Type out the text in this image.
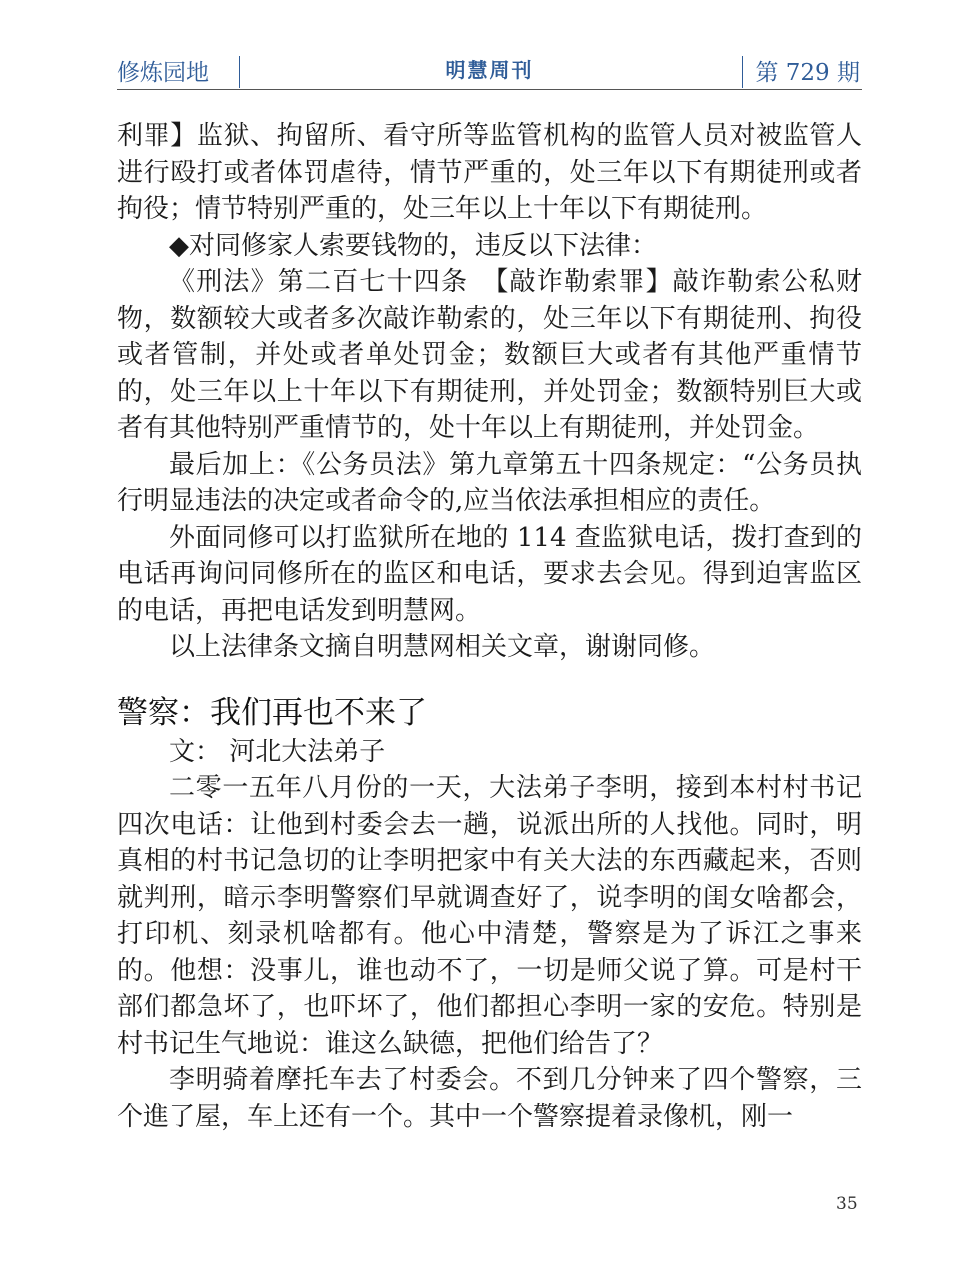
修炼园地	明慧周刊	第 729 期

利罪】监狱、拘留所、看守所等监管机构的监管人员对被监管人进行殴打或者体罚虐待，情节严重的，处三年以下有期徒刑或者拘役；情节特别严重的，处三年以上十年以下有期徒刑。

◆对同修家人索要钱物的，违反以下法律：

《刑法》第二百七十四条　【敲诈勒索罪】敲诈勒索公私财物，数额较大或者多次敲诈勒索的，处三年以下有期徒刑、拘役或者管制，并处或者单处罚金；数额巨大或者有其他严重情节的，处三年以上十年以下有期徒刑，并处罚金；数额特别巨大或者有其他特别严重情节的，处十年以上有期徒刑，并处罚金。

最后加上：《公务员法》第九章第五十四条规定：“公务员执行明显违法的决定或者命令的,应当依法承担相应的责任。

外面同修可以打监狱所在地的 114 查监狱电话，拨打查到的电话再询问同修所在的监区和电话，要求去会见。得到迫害监区的电话，再把电话发到明慧网。

以上法律条文摘自明慧网相关文章，谢谢同修。

警察：我们再也不来了

文： 河北大法弟子

二零一五年八月份的一天，大法弟子李明，接到本村村书记四次电话：让他到村委会去一趟，说派出所的人找他。同时，明真相的村书记急切的让李明把家中有关大法的东西藏起来，否则就判刑，暗示李明警察们早就调查好了，说李明的闺女啥都会，打印机、刻录机啥都有。他心中清楚，警察是为了诉江之事来的。他想：没事儿，谁也动不了，一切是师父说了算。可是村干部们都急坏了，也吓坏了，他们都担心李明一家的安危。特别是村书记生气地说：谁这么缺德，把他们给告了？

李明骑着摩托车去了村委会。不到几分钟来了四个警察，三个進了屋，车上还有一个。其中一个警察提着录像机，刚一

35
